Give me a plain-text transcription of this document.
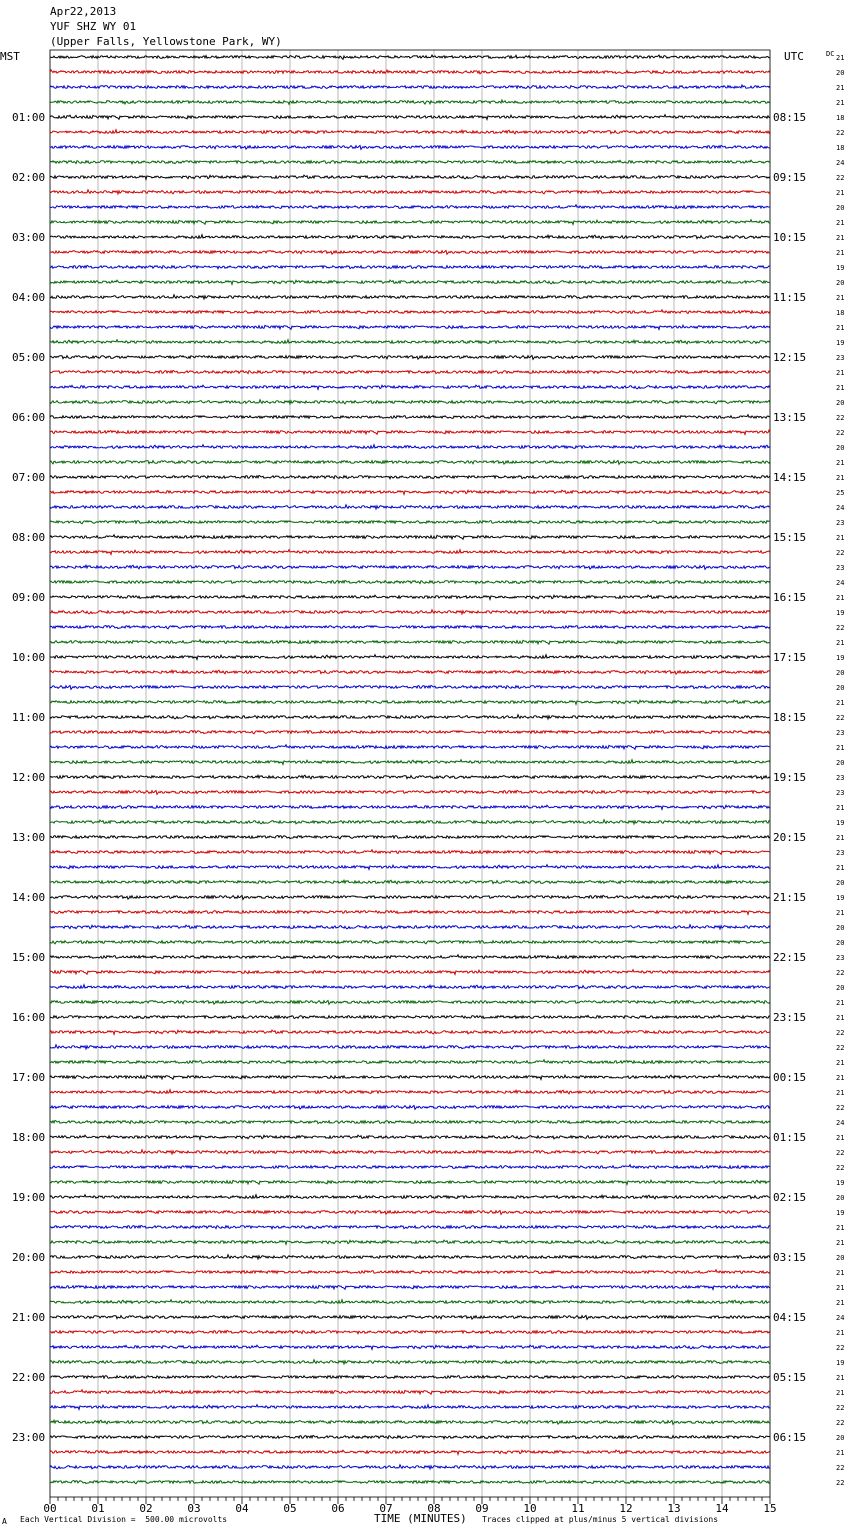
Apr22,2013
YUF SHZ WY 01
(Upper Falls, Yellowstone Park, WY)
MST	UTC	21
20
21
21
18
22
18
24
22
21
20
21
21
21
19
20
21
18
21
19
23
21
21
20
22
22
20
21
21
25
24
23
21
22
23
24
21
19
22
21
19
20
20
21
22
23
21
20
23
23
21
19
21
23
21
20
19
21
20
20
23
22
20
21
21
22
22
21
21
21
22
24
21
22
22
19
20
19
21
21
20
21
21
21
24
21
22
19
21
21
22
22
20
21
22
22
DC
01:00
02:00
03:00
04:00
05:00
06:00
07:00
08:00
09:00
10:00
11:00
12:00
13:00
14:00
15:00
16:00
17:00
18:00
19:00
20:00
21:00
22:00
23:00
08:15
09:15
10:15
11:15
12:15
13:15
14:15
15:15
16:15
17:15
18:15
19:15
20:15
21:15
22:15
23:15
00:15
01:15
02:15
03:15
04:15
05:15
06:15
00	01	02	03	04	05	06	07	08	09	10	11	12	13	14	15
A Each Vertical Division =  500.00 microvolts	TIME (MINUTES) Traces clipped at plus/minus 5 vertical divisions
